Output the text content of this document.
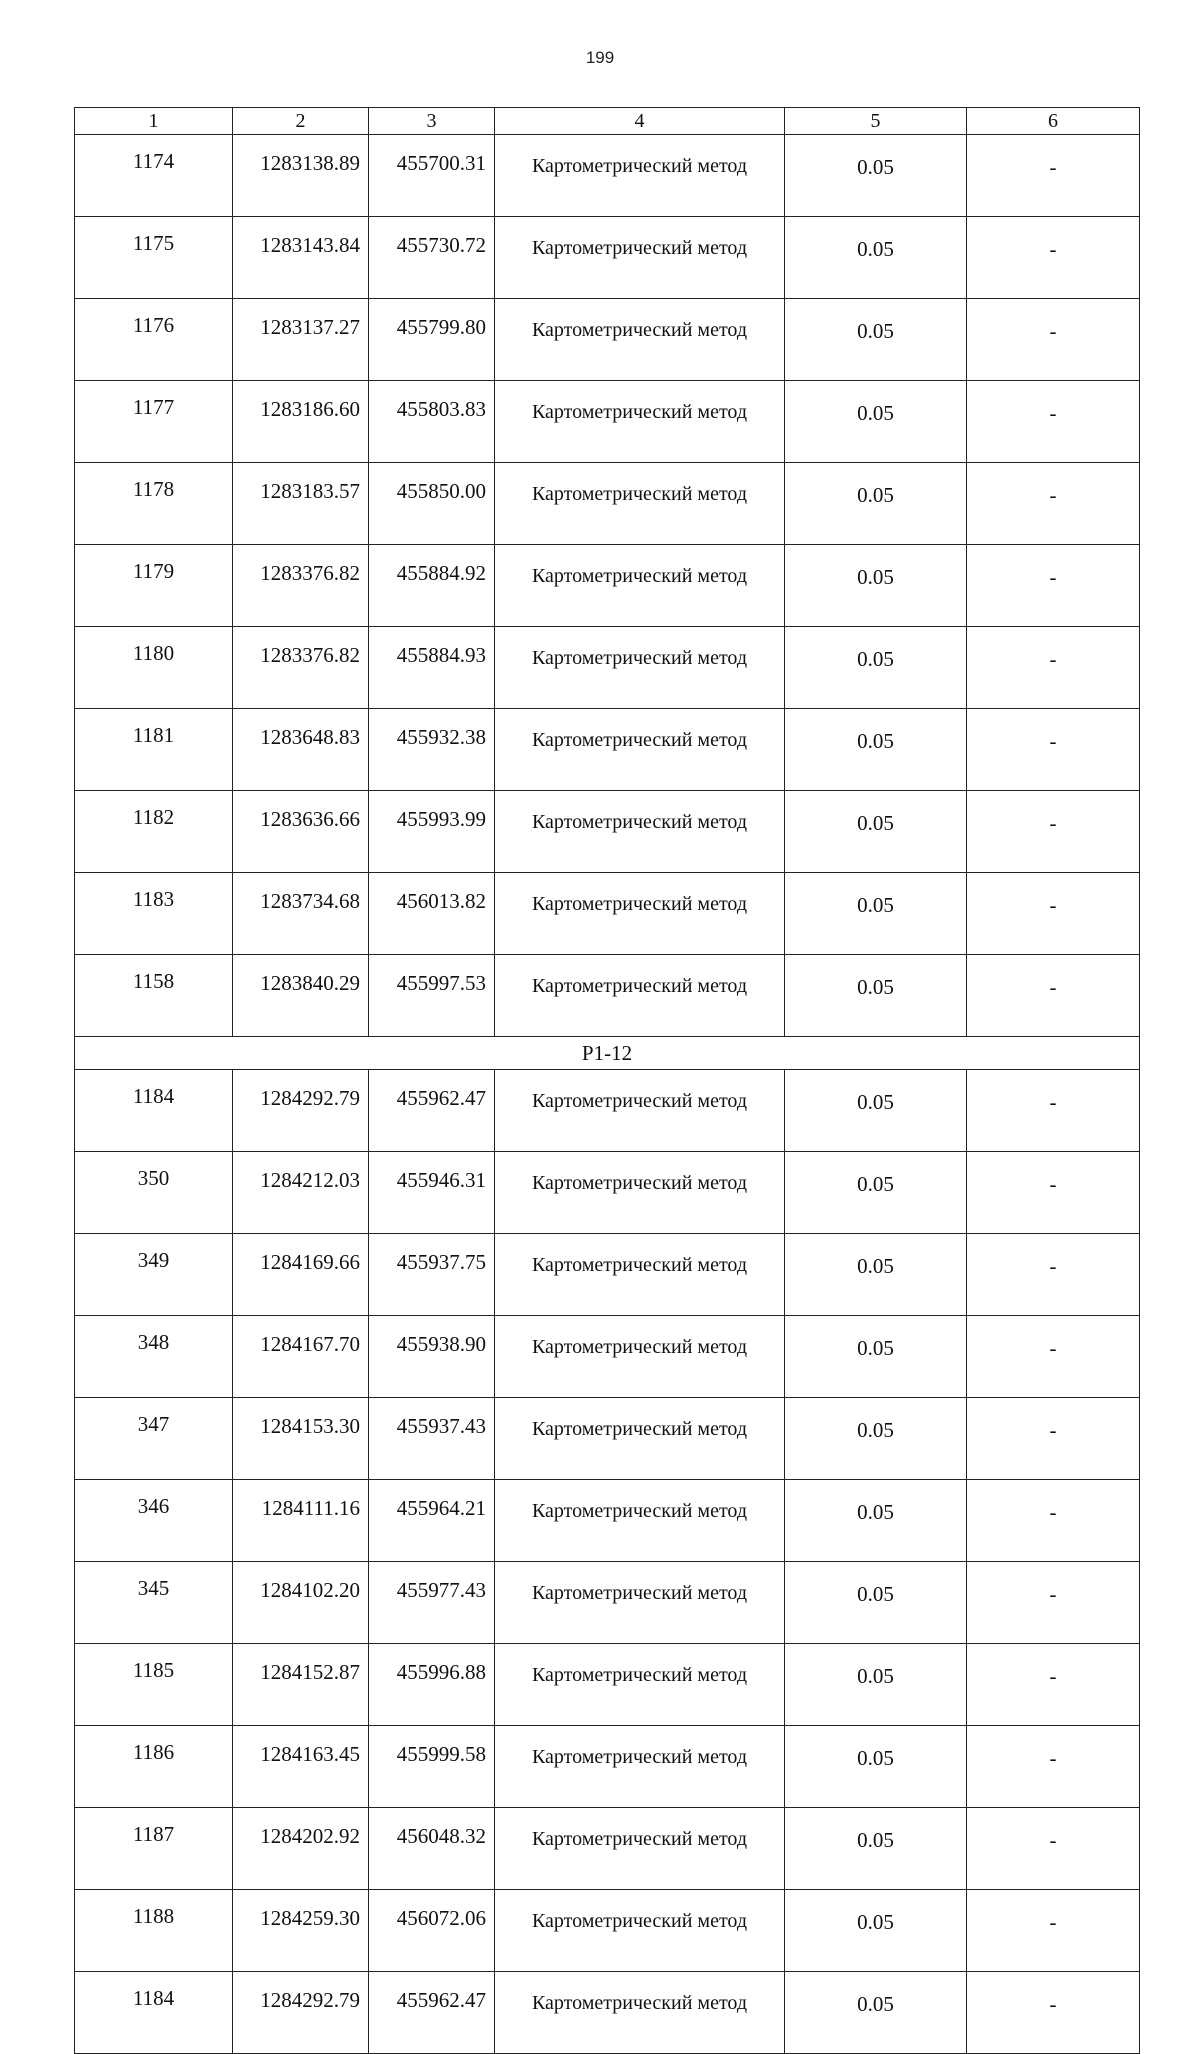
199
1	2	3	4	5	6
1174	1283138.89	455700.31	Картометрический метод	0.05	-
1175	1283143.84	455730.72	Картометрический метод	0.05	-
1176	1283137.27	455799.80	Картометрический метод	0.05	-
1177	1283186.60	455803.83	Картометрический метод	0.05	-
1178	1283183.57	455850.00	Картометрический метод	0.05	-
1179	1283376.82	455884.92	Картометрический метод	0.05	-
1180	1283376.82	455884.93	Картометрический метод	0.05	-
1181	1283648.83	455932.38	Картометрический метод	0.05	-
1182	1283636.66	455993.99	Картометрический метод	0.05	-
1183	1283734.68	456013.82	Картометрический метод	0.05	-
1158	1283840.29	455997.53	Картометрический метод	0.05	-
P1-12					
1184	1284292.79	455962.47	Картометрический метод	0.05	-
350	1284212.03	455946.31	Картометрический метод	0.05	-
349	1284169.66	455937.75	Картометрический метод	0.05	-
348	1284167.70	455938.90	Картометрический метод	0.05	-
347	1284153.30	455937.43	Картометрический метод	0.05	-
346	1284111.16	455964.21	Картометрический метод	0.05	-
345	1284102.20	455977.43	Картометрический метод	0.05	-
1185	1284152.87	455996.88	Картометрический метод	0.05	-
1186	1284163.45	455999.58	Картометрический метод	0.05	-
1187	1284202.92	456048.32	Картометрический метод	0.05	-
1188	1284259.30	456072.06	Картометрический метод	0.05	-
1184	1284292.79	455962.47	Картометрический метод	0.05	-
